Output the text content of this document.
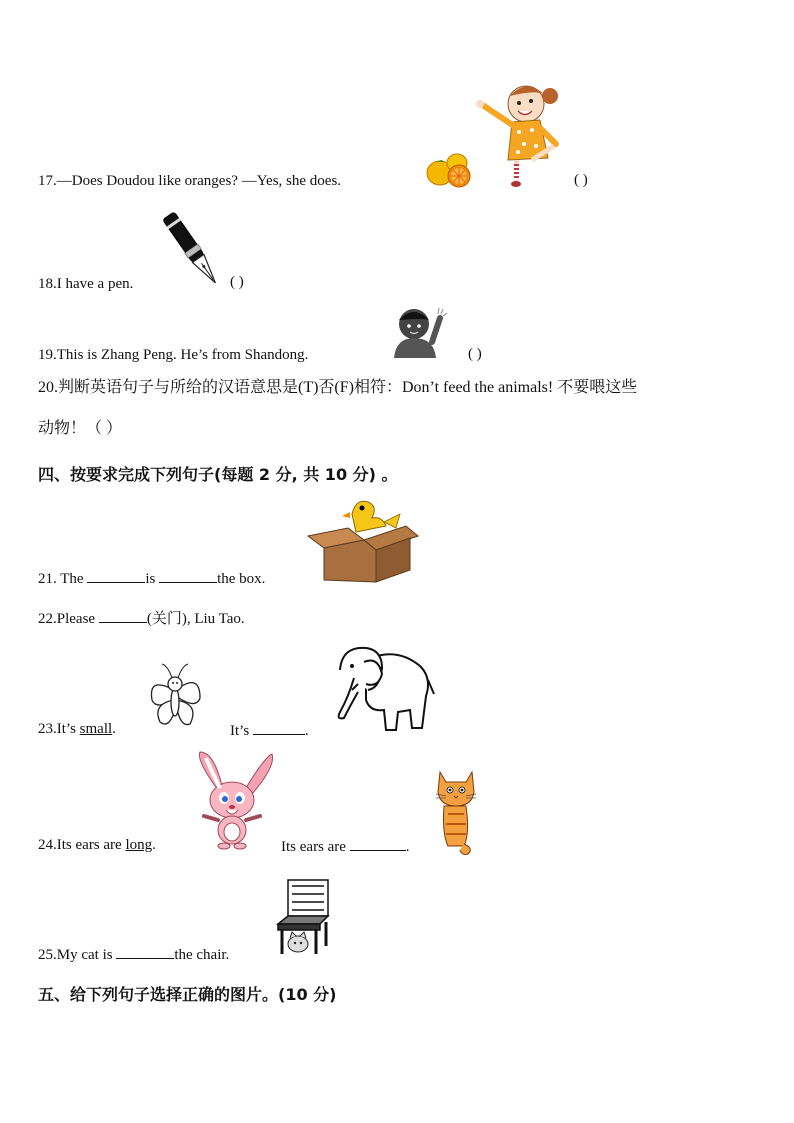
17.—Does Doudou like oranges? —Yes, she does.	( )
18.I have a pen.	( )
19.This is Zhang Peng. He’s from Shandong.	( )
20.判断英语句子与所给的汉语意思是(T)否(F)相符：Don’t feed the animals! 不要喂这些
动物！（ ）
四、按要求完成下列句子(每题 2 分, 共 10 分) 。
21. The	is	the box.
22.Please	(关门), Liu Tao.
23.It’s small.	It’s	.
24.Its ears are long.	Its ears are	.
25.My cat is	the chair.
五、给下列句子选择正确的图片。(10 分)
